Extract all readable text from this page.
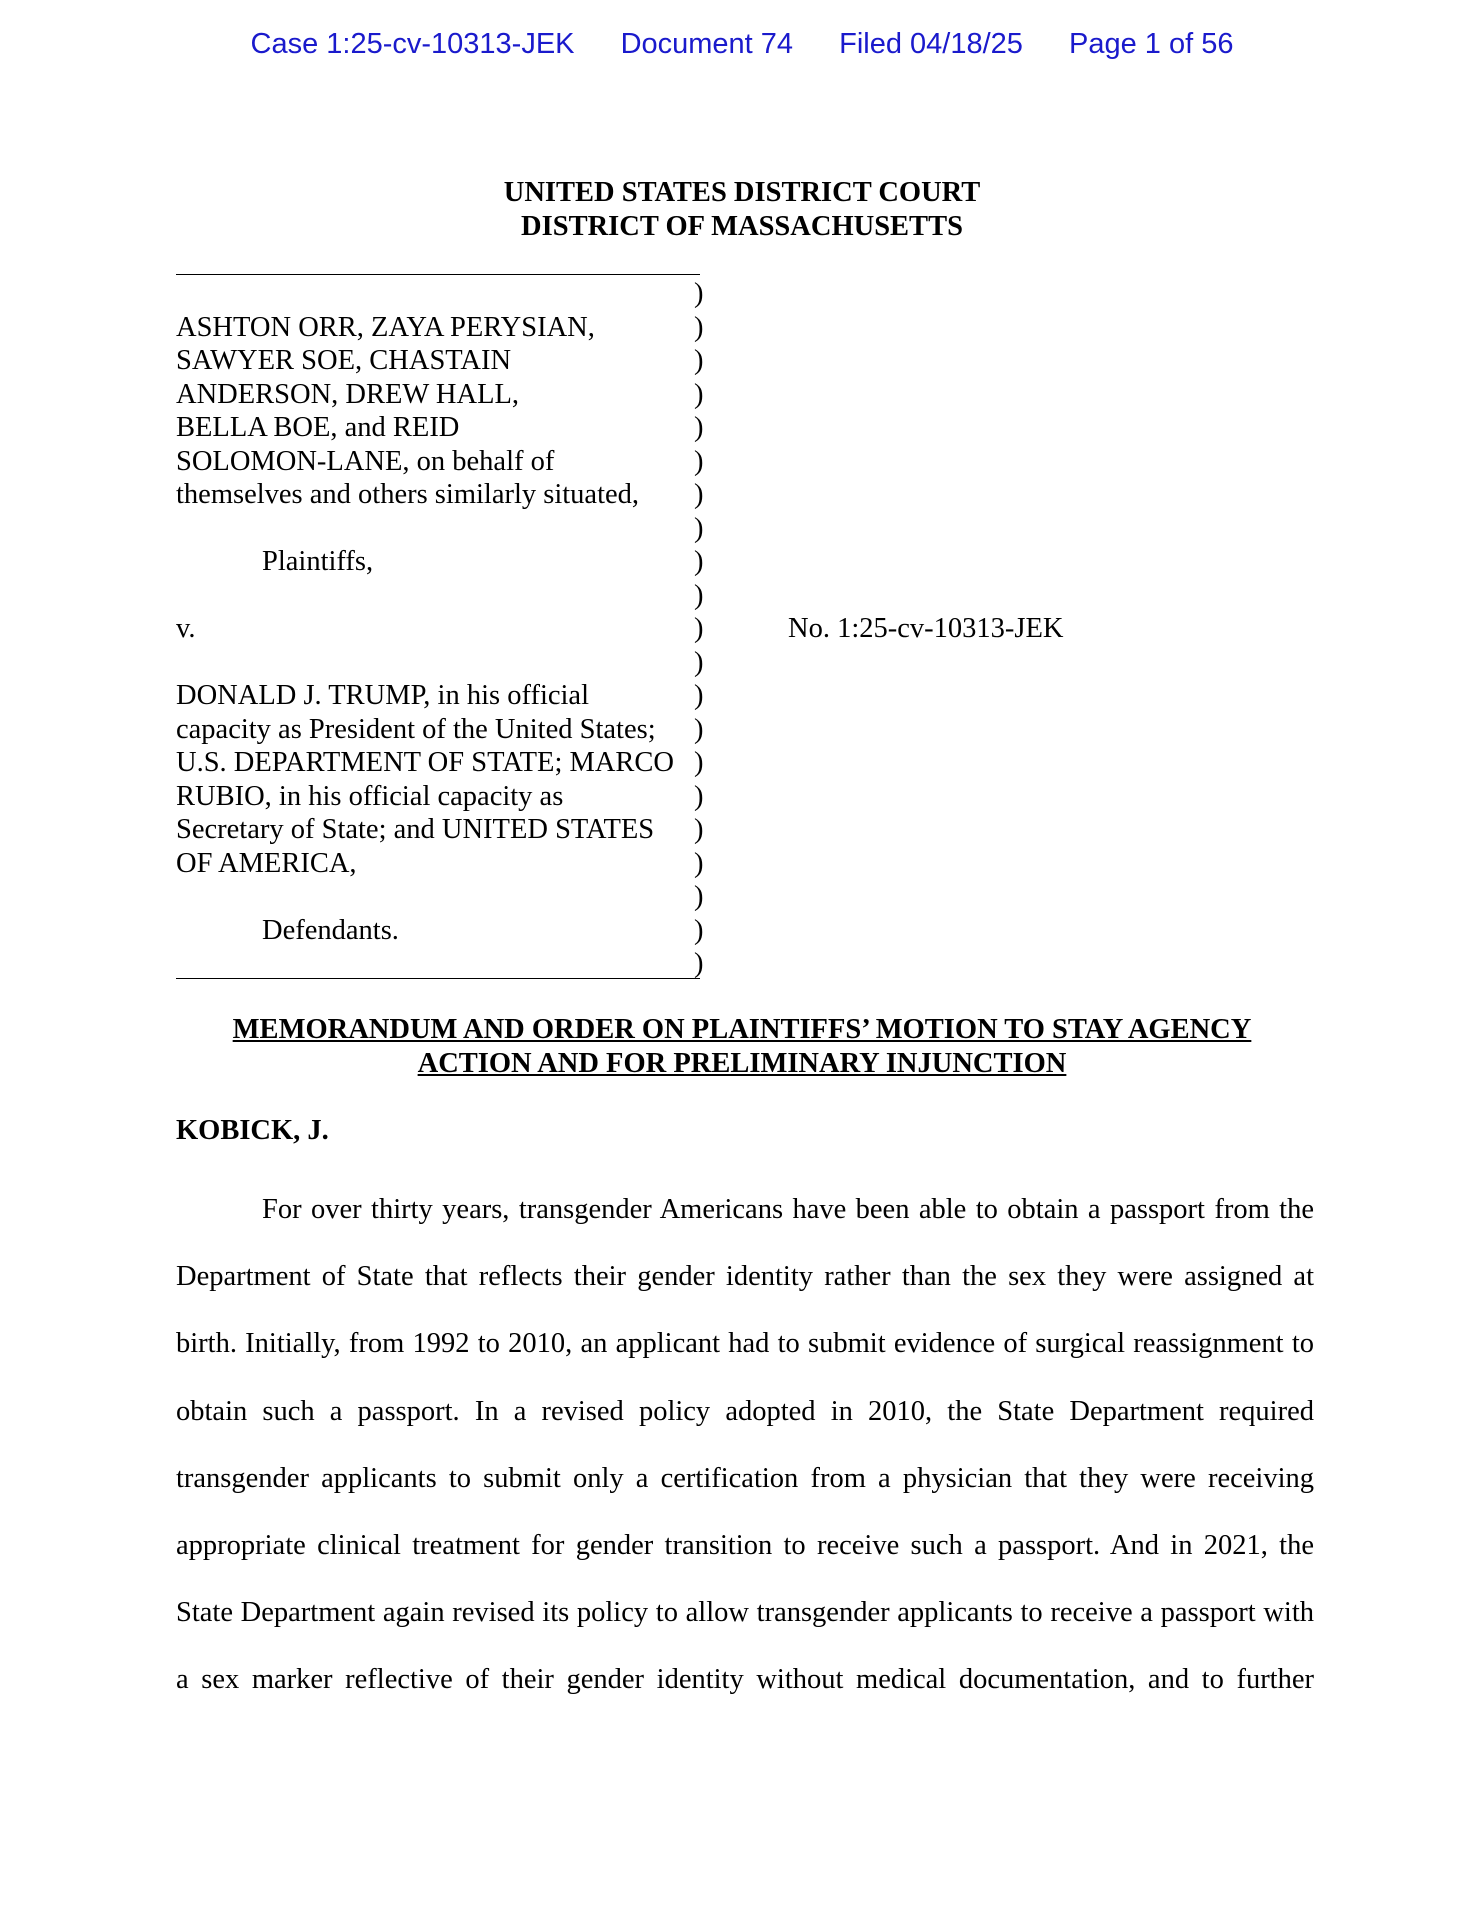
Case 1:25-cv-10313-JEK Document 74 Filed 04/18/25 Page 1 of 56
UNITED STATES DISTRICT COURT
DISTRICT OF MASSACHUSETTS
ASHTON ORR, ZAYA PERYSIAN,
SAWYER SOE, CHASTAIN
ANDERSON, DREW HALL,
BELLA BOE, and REID
SOLOMON-LANE, on behalf of
themselves and others similarly situated,
Plaintiffs,
v.
DONALD J. TRUMP, in his official
capacity as President of the United States;
U.S. DEPARTMENT OF STATE; MARCO
RUBIO, in his official capacity as
Secretary of State; and UNITED STATES
OF AMERICA,
Defendants.
)
)
)
)
)
)
)
)
)
)
)
)
)
)
)
)
)
)
)
)
)
No. 1:25-cv-10313-JEK
MEMORANDUM AND ORDER ON PLAINTIFFS’ MOTION TO STAY AGENCY
ACTION AND FOR PRELIMINARY INJUNCTION
KOBICK, J.
For over thirty years, transgender Americans have been able to obtain a passport from the
Department of State that reflects their gender identity rather than the sex they were assigned at
birth. Initially, from 1992 to 2010, an applicant had to submit evidence of surgical reassignment to
obtain such a passport. In a revised policy adopted in 2010, the State Department required
transgender applicants to submit only a certification from a physician that they were receiving
appropriate clinical treatment for gender transition to receive such a passport. And in 2021, the
State Department again revised its policy to allow transgender applicants to receive a passport with
a sex marker reflective of their gender identity without medical documentation, and to further
